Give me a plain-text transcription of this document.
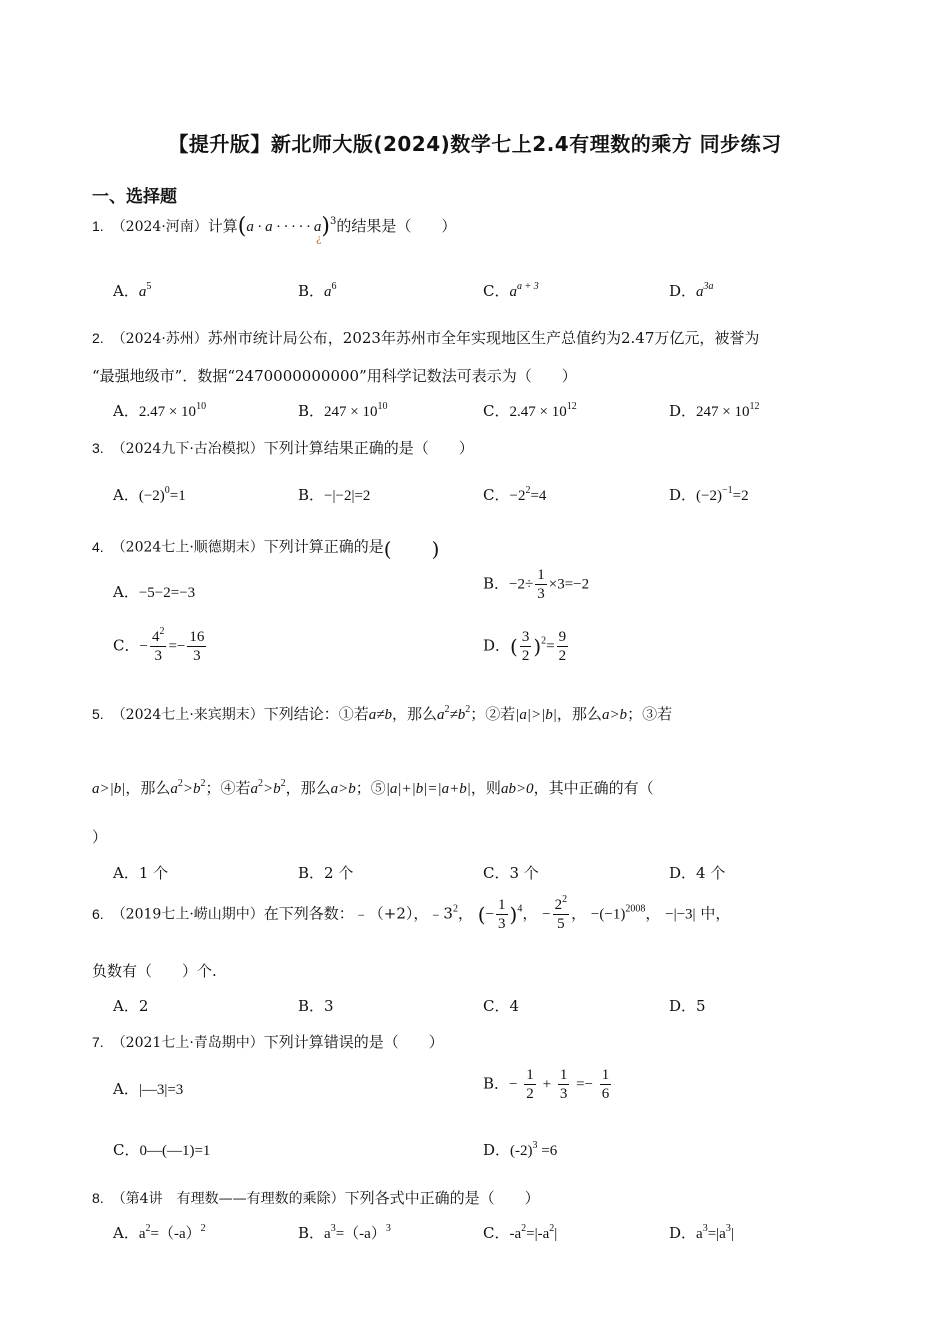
【提升版】新北师大版(2024)数学七上2.4有理数的乘方 同步练习
一、选择题
1. （2024·河南）计算(a · a · · · · · a)$^3$的结果是（　　）
¿
A．$a^5$	B．$a^6$	C．$a^{a + 3}$	D．$a^{3a}$
2. （2024·苏州）苏州市统计局公布，2023年苏州市全年实现地区生产总值约为2.47万亿元，被誉为
“最强地级市”．数据“2470000000000”用科学记数法可表示为（　　）
A．$2.47 \times 10^{10}$	B．$247 \times 10^{10}$	C．$2.47 \times 10^{12}$	D．$247 \times 10^{12}$
3. （2024九下·古冶模拟）下列计算结果正确的是（　　）
A．$(-2)^0=1$	B．−|−2|=2	C．$-2^2=4$	D．$(-2)^{-1}=2$
4. （2024七上·顺德期末）下列计算正确的是(　　)
A．−5−2=−3
B．$-2\div \frac{1}{3} \times 3=-2$
C．− $\frac{4^2}{3} =- \frac{16}{3}$	D．( $\frac{3}{2} )^2= \frac{9}{2}$
5. （2024七上·来宾期末）下列结论：①若a≠b，那么$a^2\ne b^2$；②若|a|>|b|，那么a>b；③若
a>|b|，那么$a^2>b^2$；④若$a^2>b^2$，那么a>b；⑤|a|+|b|=|a+b|，则ab>0，其中正确的有（
）
A．1 个	B．2 个	C．3 个	D．4 个
6. （2019七上·崂山期中）在下列各数：﹣（+2），$﹣3^2$， (− $\frac{1}{3} )^4$， − $\frac{2^2}{5}$ ， $-(-1)^{2008}$， −|−3| 中，
负数有（　　）个.
A．2	B．3	C．4	D．5
7. （2021七上·青岛期中）下列计算错误的是（　　）
A．|—3|=3	B．− $\frac{1}{2} + \frac{1}{3} =- \frac{1}{6}$
C．0—(—1)=1	D．$(-2)^3 =6$
8. （第4讲　有理数——有理数的乘除）下列各式中正确的是（　　）
A．$a^2=(-a)^2$	B．$a^3=(-a)^3$	C．$-a^2=|-a^2|$	D．$a^3=|a^3|$
